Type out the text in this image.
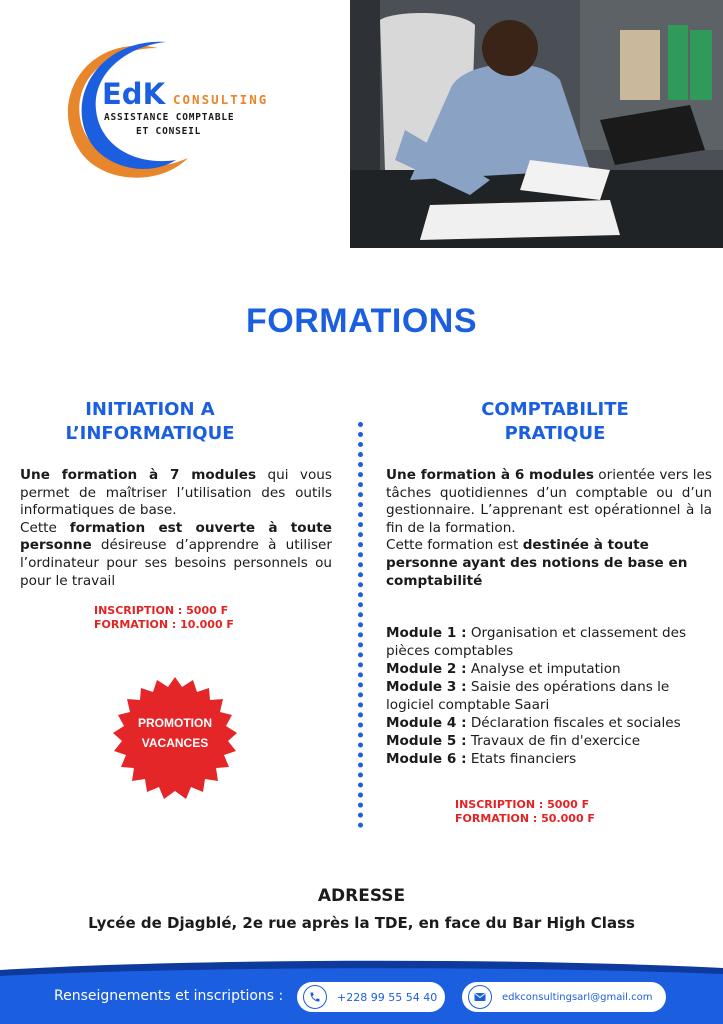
EdK CONSULTING
ASSISTANCE COMPTABLE
ET CONSEIL
FORMATIONS
INITIATION A
L’INFORMATIQUE

Une formation à 7 modules qui vous permet de maîtriser l’utilisation des outils informatiques de base.

Cette formation est ouverte à toute personne désireuse d’apprendre à utiliser l’ordinateur pour ses besoins personnels ou pour le travail

INSCRIPTION : 5000 F
FORMATION : 10.000 F
PROMOTION
VACANCES
COMPTABILITE
PRATIQUE

Une formation à 6 modules orientée vers les tâches quotidiennes d’un comptable ou d’un gestionnaire. L’apprenant est opérationnel à la fin de la formation.

Cette formation est destinée à toute personne ayant des notions de base en comptabilité

Module 1 : Organisation et classement des pièces comptables
Module 2 : Analyse et imputation
Module 3 : Saisie des opérations dans le logiciel comptable Saari
Module 4 : Déclaration fiscales et sociales
Module 5 : Travaux de fin d'exercice
Module 6 : Etats financiers
INSCRIPTION : 5000 F
FORMATION : 50.000 F
ADRESSE
Lycée de Djagblé, 2e rue après la TDE, en face du Bar High Class
Renseignements et inscriptions :	+228 99 55 54 40	edkconsultingsarl@gmail.com
